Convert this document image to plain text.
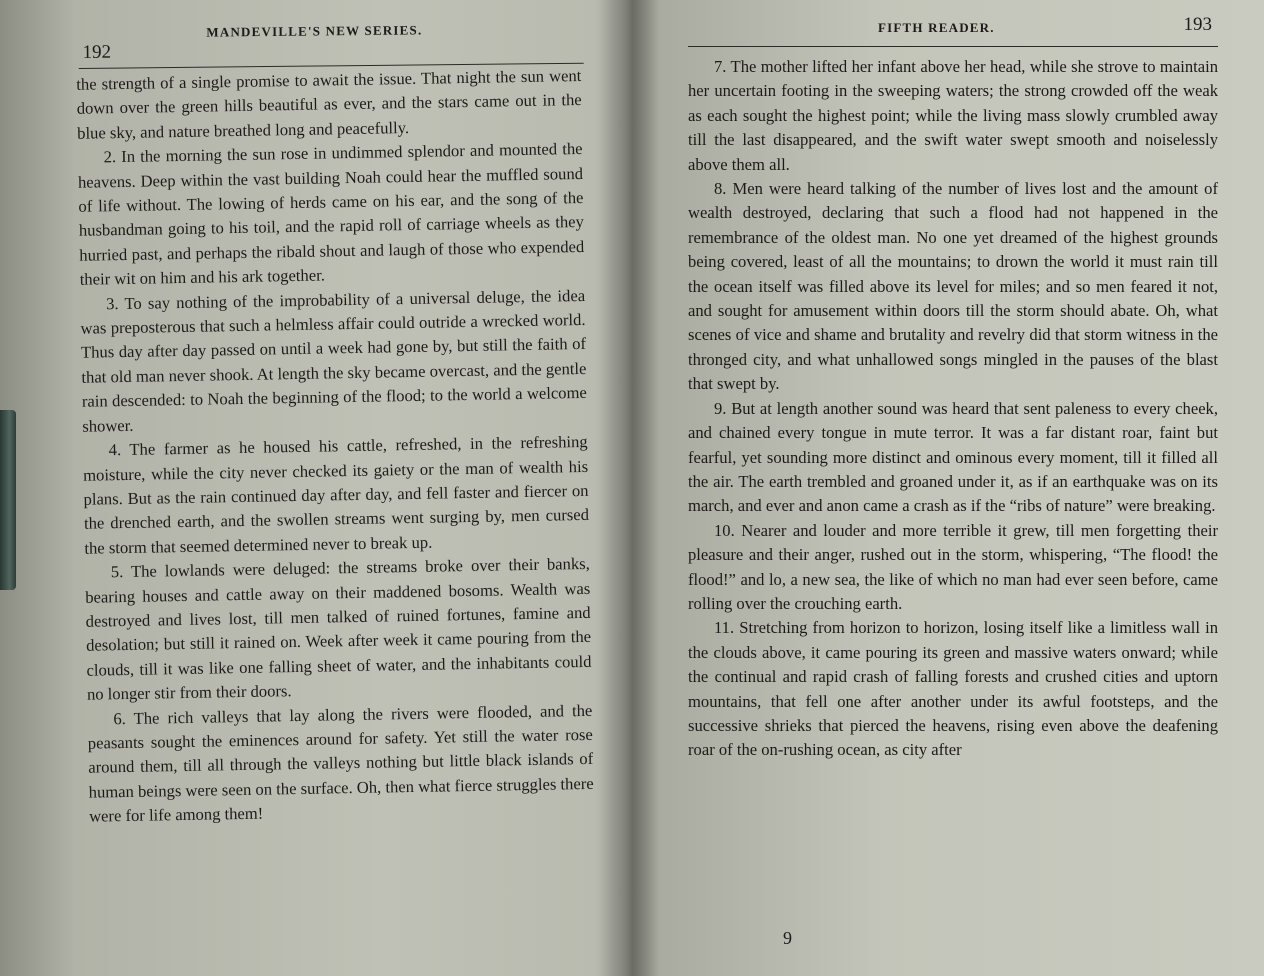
192
MANDEVILLE'S NEW SERIES.

the strength of a single promise to await the issue. That night the sun went down over the green hills beautiful as ever, and the stars came out in the blue sky, and nature breathed long and peacefully.

2. In the morning the sun rose in undimmed splendor and mounted the heavens. Deep within the vast building Noah could hear the muffled sound of life without. The lowing of herds came on his ear, and the song of the husbandman going to his toil, and the rapid roll of carriage wheels as they hurried past, and perhaps the ribald shout and laugh of those who expended their wit on him and his ark together.

3. To say nothing of the improbability of a universal deluge, the idea was preposterous that such a helmless affair could outride a wrecked world. Thus day after day passed on until a week had gone by, but still the faith of that old man never shook. At length the sky became overcast, and the gentle rain descended: to Noah the beginning of the flood; to the world a welcome shower.

4. The farmer as he housed his cattle, refreshed, in the refreshing moisture, while the city never checked its gaiety or the man of wealth his plans. But as the rain continued day after day, and fell faster and fiercer on the drenched earth, and the swollen streams went surging by, men cursed the storm that seemed determined never to break up.

5. The lowlands were deluged: the streams broke over their banks, bearing houses and cattle away on their maddened bosoms. Wealth was destroyed and lives lost, till men talked of ruined fortunes, famine and desolation; but still it rained on. Week after week it came pouring from the clouds, till it was like one falling sheet of water, and the inhabitants could no longer stir from their doors.

6. The rich valleys that lay along the rivers were flooded, and the peasants sought the eminences around for safety. Yet still the water rose around them, till all through the valleys nothing but little black islands of human beings were seen on the surface. Oh, then what fierce struggles there were for life among them!

FIFTH READER.	193

7. The mother lifted her infant above her head, while she strove to maintain her uncertain footing in the sweeping waters; the strong crowded off the weak as each sought the highest point; while the living mass slowly crumbled away till the last disappeared, and the swift water swept smooth and noiselessly above them all.

8. Men were heard talking of the number of lives lost and the amount of wealth destroyed, declaring that such a flood had not happened in the remembrance of the oldest man. No one yet dreamed of the highest grounds being covered, least of all the mountains; to drown the world it must rain till the ocean itself was filled above its level for miles; and so men feared it not, and sought for amusement within doors till the storm should abate. Oh, what scenes of vice and shame and brutality and revelry did that storm witness in the thronged city, and what unhallowed songs mingled in the pauses of the blast that swept by.

9. But at length another sound was heard that sent paleness to every cheek, and chained every tongue in mute terror. It was a far distant roar, faint but fearful, yet sounding more distinct and ominous every moment, till it filled all the air. The earth trembled and groaned under it, as if an earthquake was on its march, and ever and anon came a crash as if the “ribs of nature” were breaking.

10. Nearer and louder and more terrible it grew, till men forgetting their pleasure and their anger, rushed out in the storm, whispering, “The flood! the flood!” and lo, a new sea, the like of which no man had ever seen before, came rolling over the crouching earth.

11. Stretching from horizon to horizon, losing itself like a limitless wall in the clouds above, it came pouring its green and massive waters onward; while the continual and rapid crash of falling forests and crushed cities and uptorn mountains, that fell one after another under its awful footsteps, and the successive shrieks that pierced the heavens, rising even above the deafening roar of the on-rushing ocean, as city after

9
